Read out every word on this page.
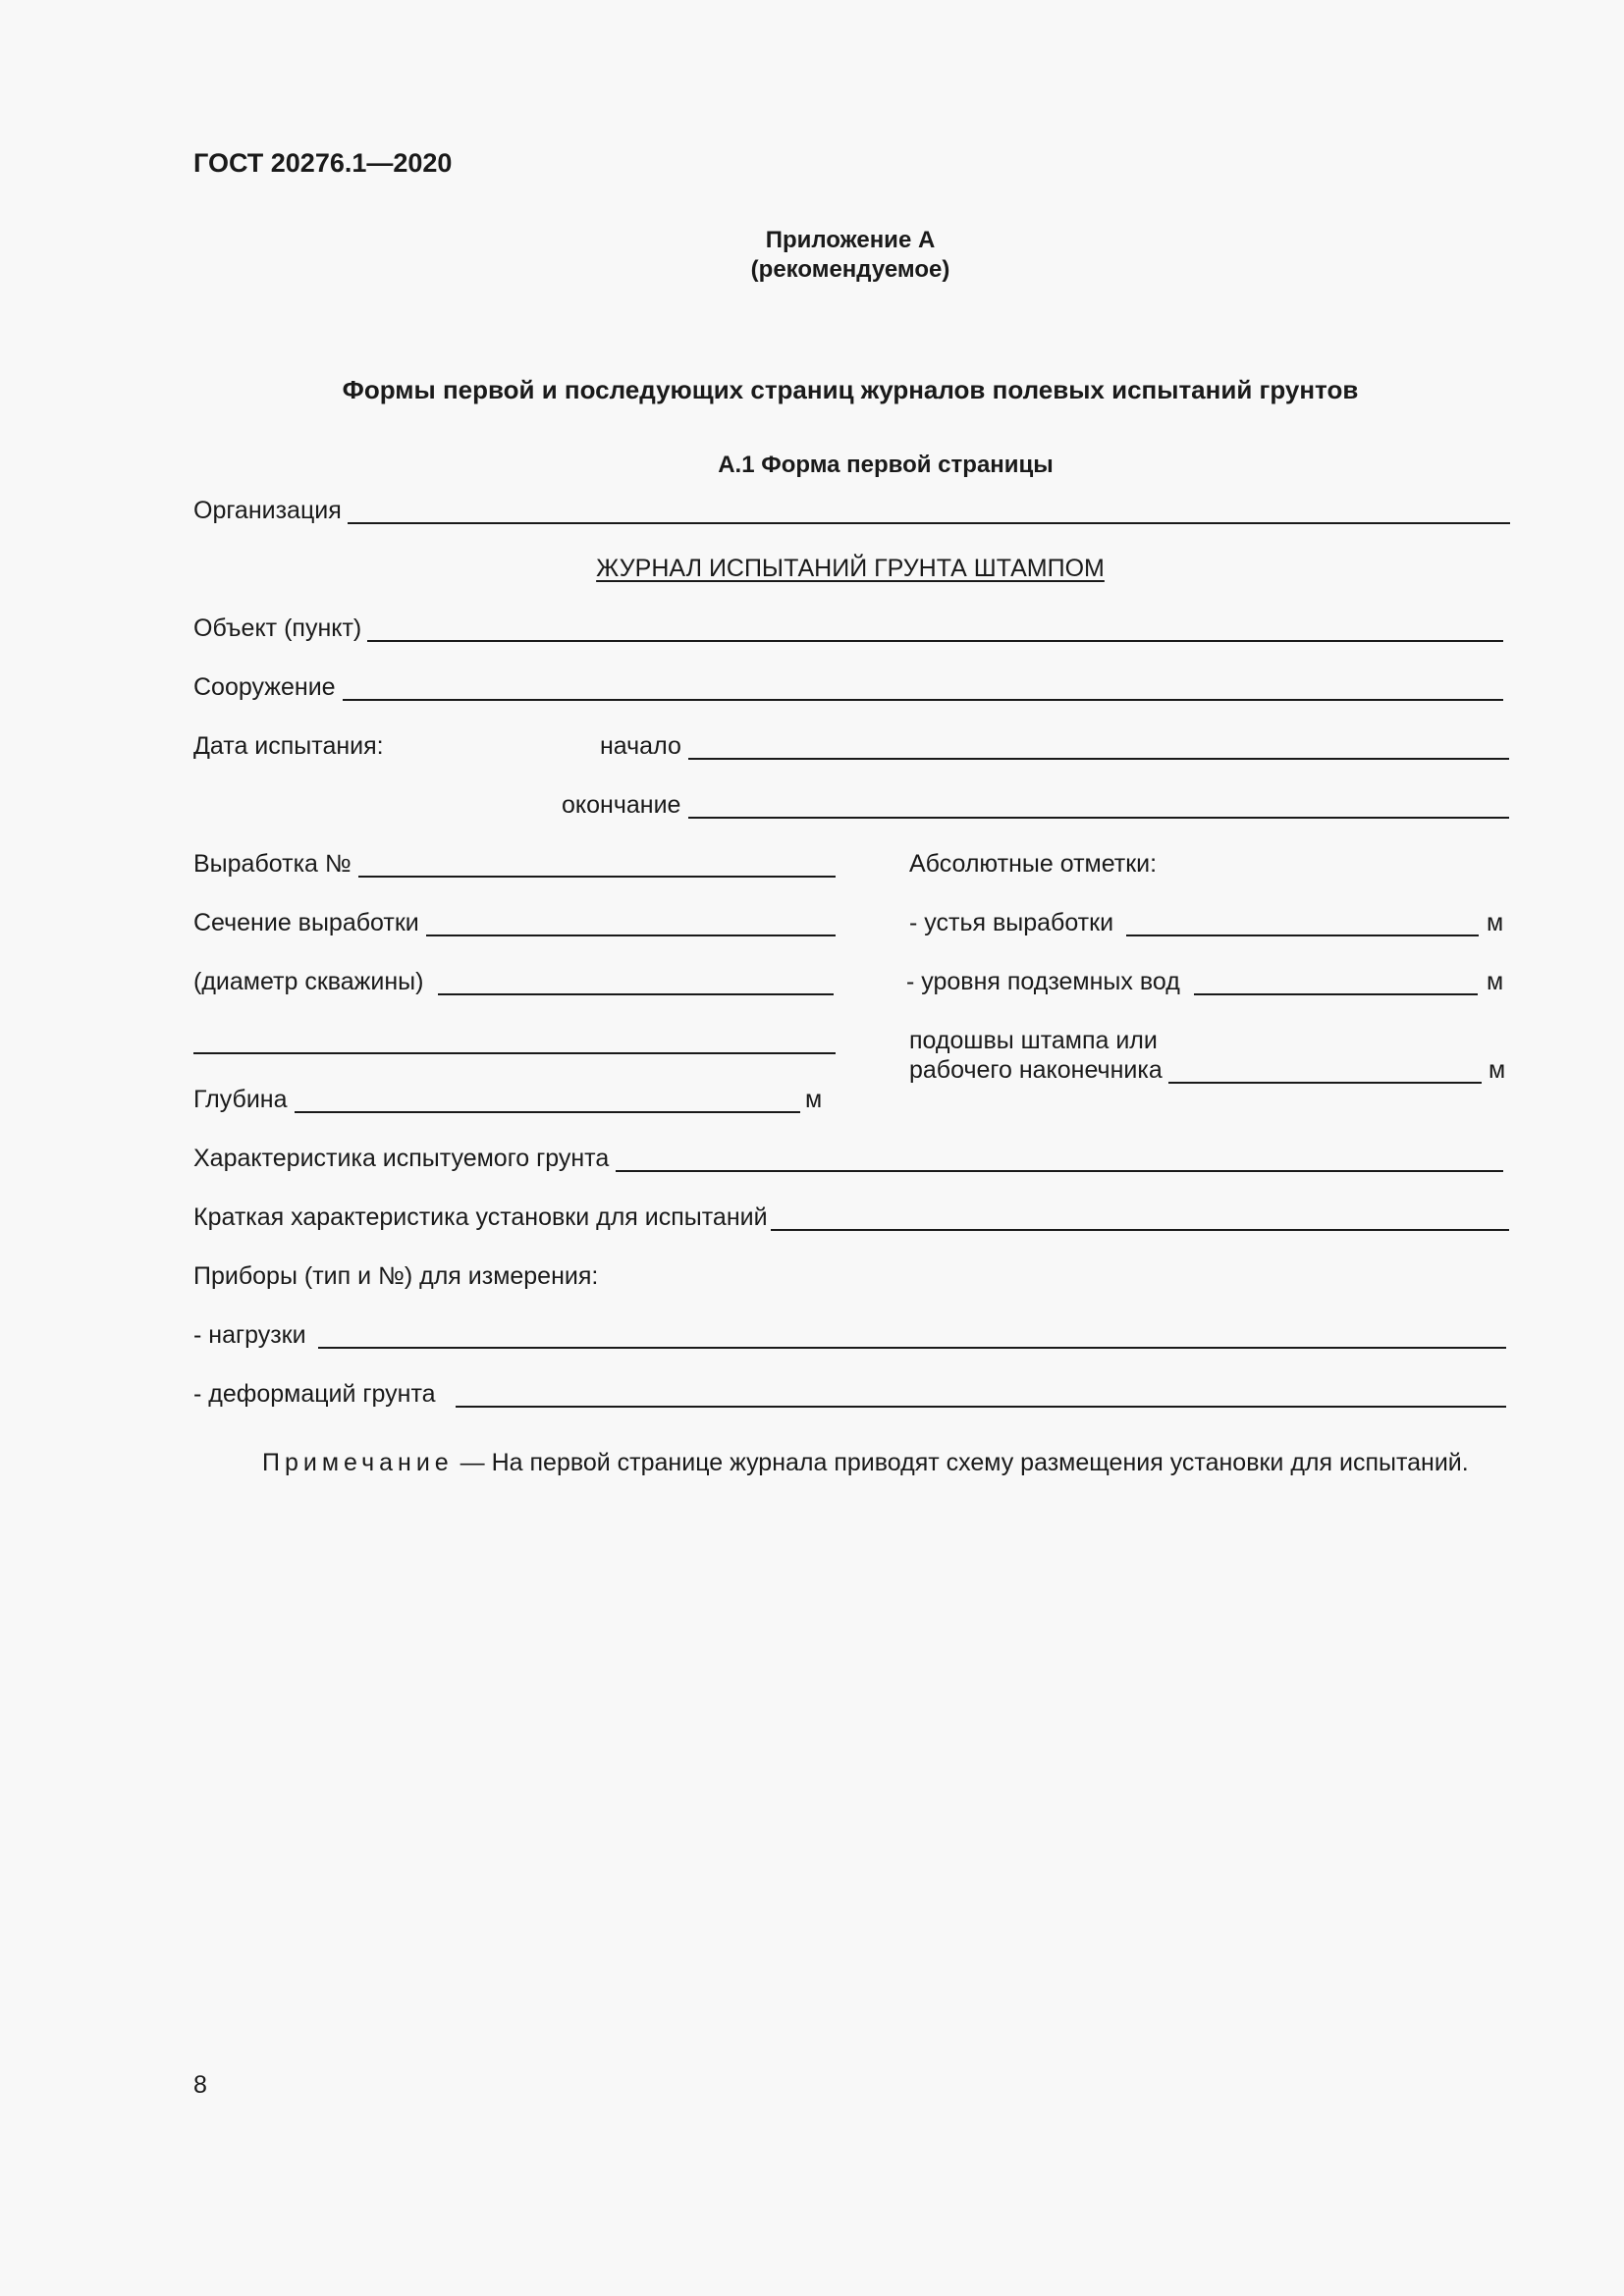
ГОСТ 20276.1—2020
Приложение А
(рекомендуемое)
Формы первой и последующих страниц журналов полевых испытаний грунтов
А.1 Форма первой страницы
Организация
ЖУРНАЛ ИСПЫТАНИЙ ГРУНТА ШТАМПОМ
Объект (пункт)
Сооружение
Дата испытания:	начало
окончание
Выработка №	Абсолютные отметки:
Сечение выработки	- устья выработки	м
(диаметр скважины)	- уровня подземных вод	м
подошвы штампа или
рабочего наконечника	м
Глубина	м
Характеристика испытуемого грунта
Краткая характеристика установки для испытаний
Приборы (тип и №) для измерения:
- нагрузки
- деформаций грунта
Примечание — На первой странице журнала приводят схему размещения установки для испытаний.
8
